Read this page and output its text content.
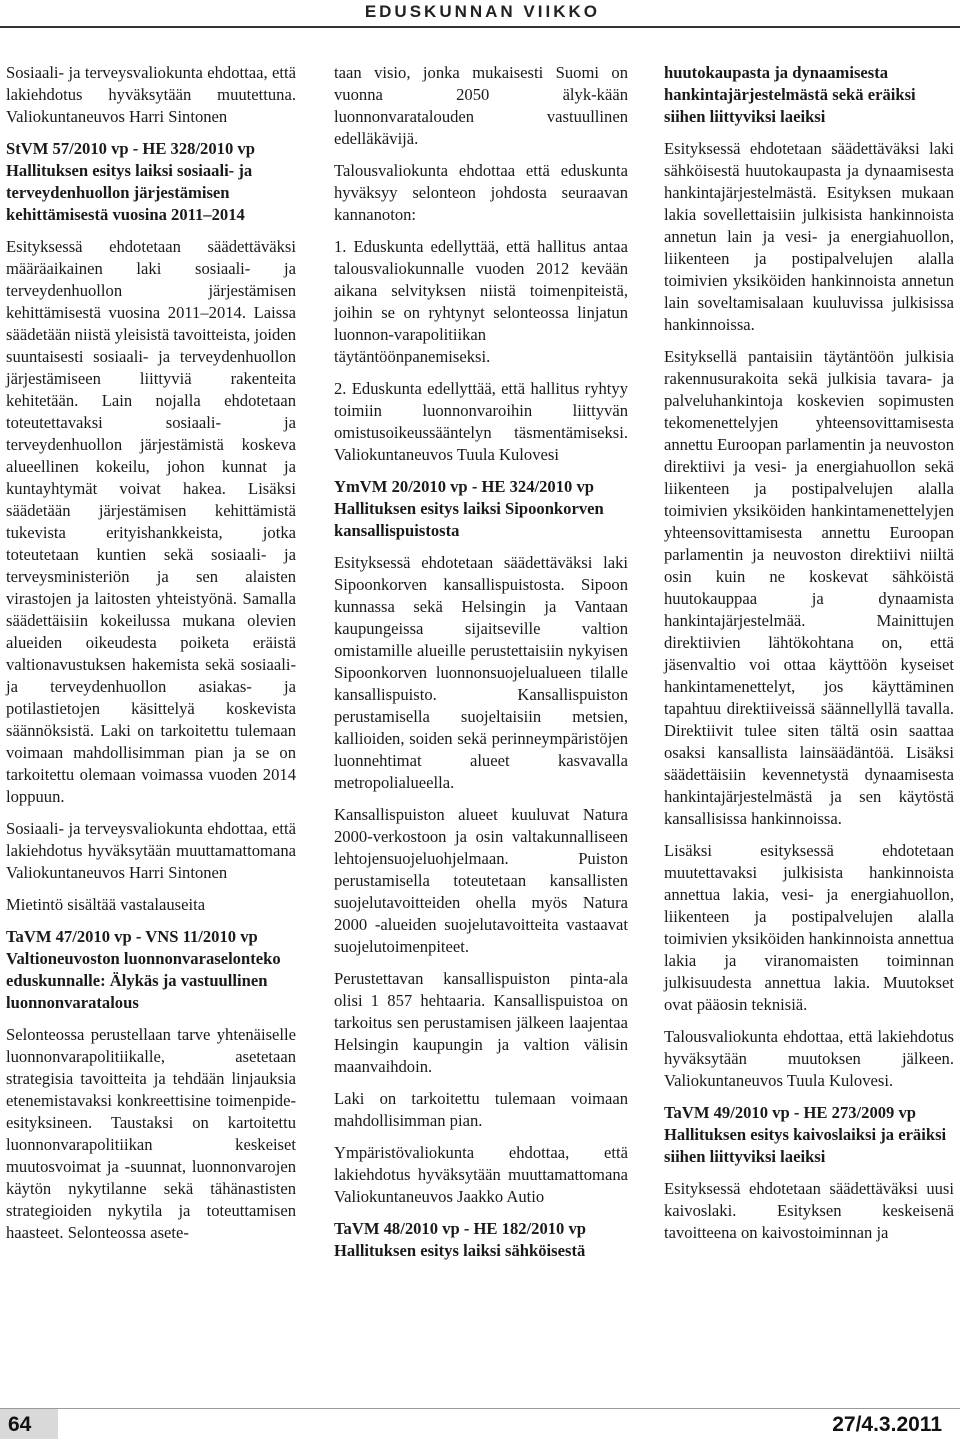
EDUSKUNNAN VIIKKO

Sosiaali- ja terveysvaliokunta ehdottaa, että lakiehdotus hyväksytään muutettuna. Valiokuntaneuvos Harri Sintonen

StVM 57/2010 vp - HE 328/2010 vp Hallituksen esitys laiksi sosiaali- ja terveydenhuollon järjestämisen kehittämisestä vuosina 2011–2014

Esityksessä ehdotetaan säädettäväksi määräaikainen laki sosiaali- ja terveydenhuollon järjestämisen kehittämisestä vuosina 2011–2014. Laissa säädetään niistä yleisistä tavoitteista, joiden suuntaisesti sosiaali- ja terveydenhuollon järjestämiseen liittyviä rakenteita kehitetään. Lain nojalla ehdotetaan toteutettavaksi sosiaali- ja terveydenhuollon järjestämistä koskeva alueellinen kokeilu, johon kunnat ja kuntayhtymät voivat hakea. Lisäksi säädetään järjestämisen kehittämistä tukevista erityishankkeista, jotka toteutetaan kuntien sekä sosiaali- ja terveysministeriön ja sen alaisten virastojen ja laitosten yhteistyönä. Samalla säädettäisiin kokeilussa mukana olevien alueiden oikeudesta poiketa eräistä valtionavustuksen hakemista sekä sosiaali- ja terveydenhuollon asiakas- ja potilastietojen käsittelyä koskevista säännöksistä. Laki on tarkoitettu tulemaan voimaan mahdollisimman pian ja se on tarkoitettu olemaan voimassa vuoden 2014 loppuun.

Sosiaali- ja terveysvaliokunta ehdottaa, että lakiehdotus hyväksytään muuttamattomana Valiokuntaneuvos Harri Sintonen

Mietintö sisältää vastalauseita

TaVM 47/2010 vp - VNS 11/2010 vp Valtioneuvoston luonnonvaraselonteko eduskunnalle: Älykäs ja vastuullinen luonnonvaratalous

Selonteossa perustellaan tarve yhtenäiselle luonnonvarapolitiikalle, asetetaan strategisia tavoitteita ja tehdään linjauksia etenemistavaksi konkreettisine toimenpide-esityksineen. Taustaksi on kartoitettu luonnonvarapolitiikan keskeiset muutosvoimat ja -suunnat, luonnonvarojen käytön nykytilanne sekä tähänastisten strategioiden nykytila ja toteuttamisen haasteet. Selonteossa asete-

taan visio, jonka mukaisesti Suomi on vuonna 2050 älyk-kään luonnonvaratalouden vastuullinen edelläkävijä.

Talousvaliokunta ehdottaa että eduskunta hyväksyy selonteon johdosta seuraavan kannanoton:

1. Eduskunta edellyttää, että hallitus antaa talousvaliokunnalle vuoden 2012 kevään aikana selvityksen niistä toimenpiteistä, joihin se on ryhtynyt selonteossa linjatun luonnon-varapolitiikan täytäntöönpanemiseksi.

2. Eduskunta edellyttää, että hallitus ryhtyy toimiin luonnonvaroihin liittyvän omistusoikeussääntelyn täsmentämiseksi. Valiokuntaneuvos Tuula Kulovesi

YmVM 20/2010 vp - HE 324/2010 vp Hallituksen esitys laiksi Sipoonkorven kansallispuistosta

Esityksessä ehdotetaan säädettäväksi laki Sipoonkorven kansallispuistosta. Sipoon kunnassa sekä Helsingin ja Vantaan kaupungeissa sijaitseville valtion omistamille alueille perustettaisiin nykyisen Sipoonkorven luonnonsuojelualueen tilalle kansallispuisto. Kansallispuiston perustamisella suojeltaisiin metsien, kallioiden, soiden sekä perinneympäristöjen luonnehtimat alueet kasvavalla metropolialueella.

Kansallispuiston alueet kuuluvat Natura 2000-verkostoon ja osin valtakunnalliseen lehtojensuojeluohjelmaan. Puiston perustamisella toteutetaan kansallisten suojelutavoitteiden ohella myös Natura 2000 -alueiden suojelutavoitteita vastaavat suojelutoimenpiteet.

Perustettavan kansallispuiston pinta-ala olisi 1 857 hehtaaria. Kansallispuistoa on tarkoitus sen perustamisen jälkeen laajentaa Helsingin kaupungin ja valtion välisin maanvaihdoin.

Laki on tarkoitettu tulemaan voimaan mahdollisimman pian.

Ympäristövaliokunta ehdottaa, että lakiehdotus hyväksytään muuttamattomana Valiokuntaneuvos Jaakko Autio

TaVM 48/2010 vp - HE 182/2010 vp Hallituksen esitys laiksi sähköisestä
huutokaupasta ja dynaamisesta hankintajärjestelmästä sekä eräiksi siihen liittyviksi laeiksi

Esityksessä ehdotetaan säädettäväksi laki sähköisestä huutokaupasta ja dynaamisesta hankintajärjestelmästä. Esityksen mukaan lakia sovellettaisiin julkisista hankinnoista annetun lain ja vesi- ja energiahuollon, liikenteen ja postipalvelujen alalla toimivien yksiköiden hankinnoista annetun lain soveltamisalaan kuuluvissa julkisissa hankinnoissa.

Esityksellä pantaisiin täytäntöön julkisia rakennusurakoita sekä julkisia tavara- ja palveluhankintoja koskevien sopimusten tekomenettelyjen yhteensovittamisesta annettu Euroopan parlamentin ja neuvoston direktiivi ja vesi- ja energiahuollon sekä liikenteen ja postipalvelujen alalla toimivien yksiköiden hankintamenettelyjen yhteensovittamisesta annettu Euroopan parlamentin ja neuvoston direktiivi niiltä osin kuin ne koskevat sähköistä huutokauppaa ja dynaamista hankintajärjestelmää. Mainittujen direktiivien lähtökohtana on, että jäsenvaltio voi ottaa käyttöön kyseiset hankintamenettelyt, jos käyttäminen tapahtuu direktiiveissä säännellyllä tavalla. Direktiivit tulee siten tältä osin saattaa osaksi kansallista lainsäädäntöä. Lisäksi säädettäisiin kevennetystä dynaamisesta hankintajärjestelmästä ja sen käytöstä kansallisissa hankinnoissa.

Lisäksi esityksessä ehdotetaan muutettavaksi julkisista hankinnoista annettua lakia, vesi- ja energiahuollon, liikenteen ja postipalvelujen alalla toimivien yksiköiden hankinnoista annettua lakia ja viranomaisten toiminnan julkisuudesta annettua lakia. Muutokset ovat pääosin teknisiä.

Talousvaliokunta ehdottaa, että lakiehdotus hyväksytään muutoksen jälkeen. Valiokuntaneuvos Tuula Kulovesi.

TaVM 49/2010 vp - HE 273/2009 vp Hallituksen esitys kaivoslaiksi ja eräiksi siihen liittyviksi laeiksi

Esityksessä ehdotetaan säädettäväksi uusi kaivoslaki. Esityksen keskeisenä tavoitteena on kaivostoiminnan ja

64	27/4.3.2011
